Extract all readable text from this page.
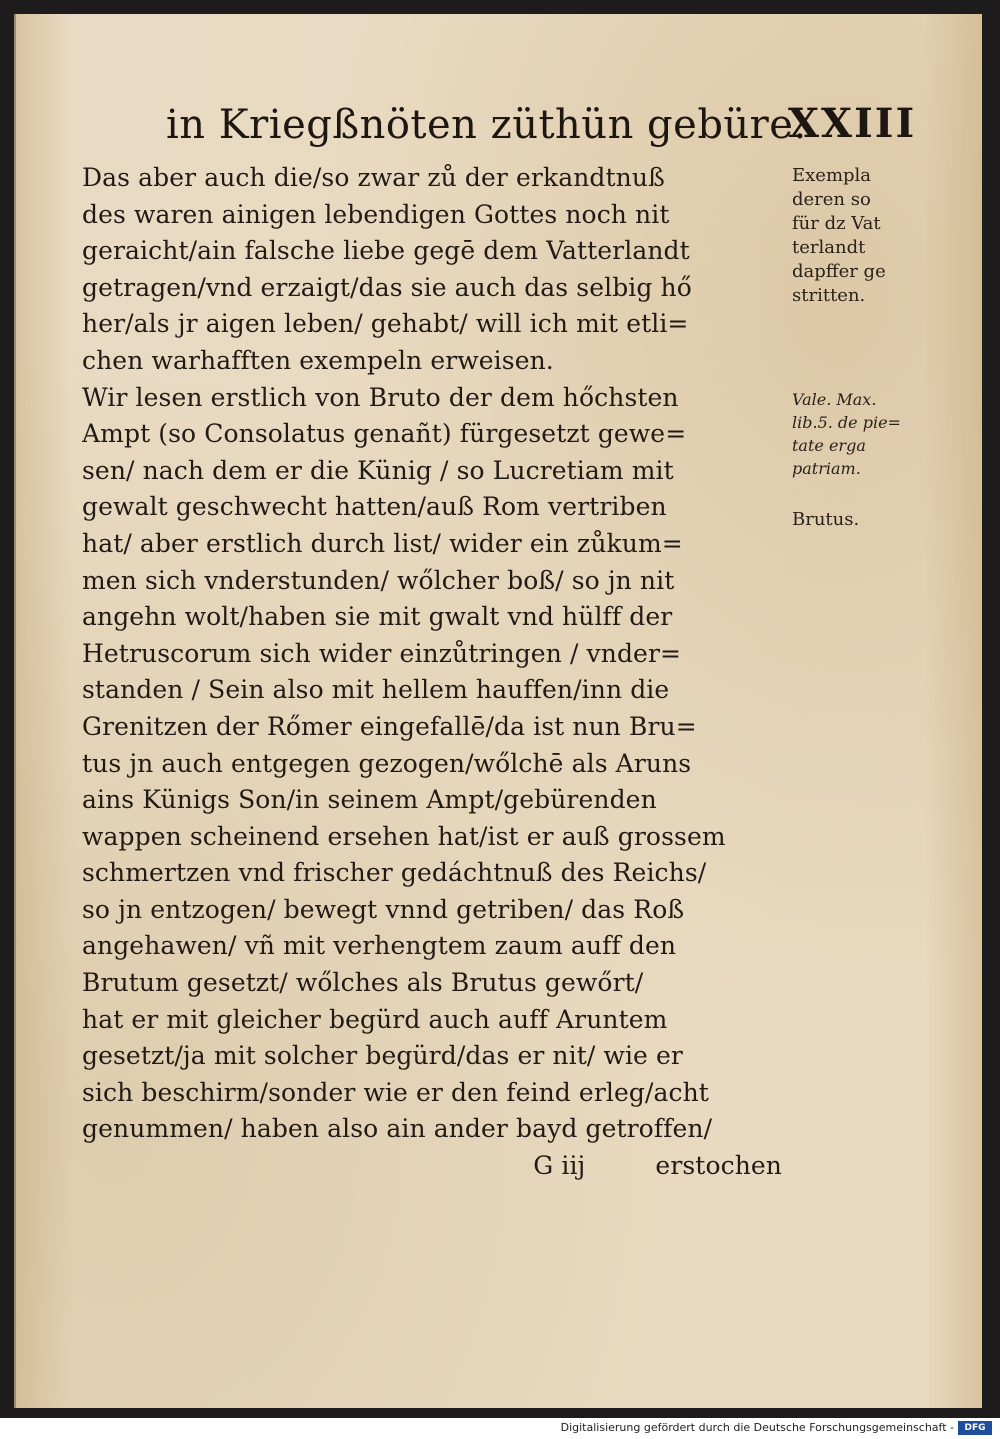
in Kriegßnöten züthün gebüre.
XXIII
Das aber auch die/so zwar zů der erkandtnuß
des waren ainigen lebendigen Gottes noch nit
geraicht/ain falsche liebe gegē dem Vatterlandt
getragen/vnd erzaigt/das sie auch das selbig hő
her/als jr aigen leben/ gehabt/ will ich mit etli=
chen warhafften exempeln erweisen.
Wir lesen erstlich von Bruto der dem hőchsten
Ampt (so Consolatus genañt) fürgesetzt gewe=
sen/ nach dem er die Künig / so Lucretiam mit
gewalt geschwecht hatten/auß Rom vertriben
hat/ aber erstlich durch list/ wider ein zůkum=
men sich vnderstunden/ wőlcher boß/ so jn nit
angehn wolt/haben sie mit gwalt vnd hülff der
Hetruscorum sich wider einzůtringen / vnder=
standen / Sein also mit hellem hauffen/inn die
Grenitzen der Rőmer eingefallē/da ist nun Bru=
tus jn auch entgegen gezogen/wőlchē als Aruns
ains Künigs Son/in seinem Ampt/gebürenden
wappen scheinend ersehen hat/ist er auß grossem
schmertzen vnd frischer gedáchtnuß des Reichs/
so jn entzogen/ bewegt vnnd getriben/ das Roß
angehawen/ vñ mit verhengtem zaum auff den
Brutum gesetzt/ wőlches als Brutus gewőrt/
hat er mit gleicher begürd auch auff Aruntem
gesetzt/ja mit solcher begürd/das er nit/ wie er
sich beschirm/sonder wie er den feind erleg/acht
genummen/ haben also ain ander bayd getroffen/
G iij	erstochen
Exempla
deren so
für dz Vat
terlandt
dapffer ge
stritten.
Vale. Max.
lib.5. de pie=
tate erga
patriam.
Brutus.
Digitalisierung gefördert durch die Deutsche Forschungsgemeinschaft -	DFG
